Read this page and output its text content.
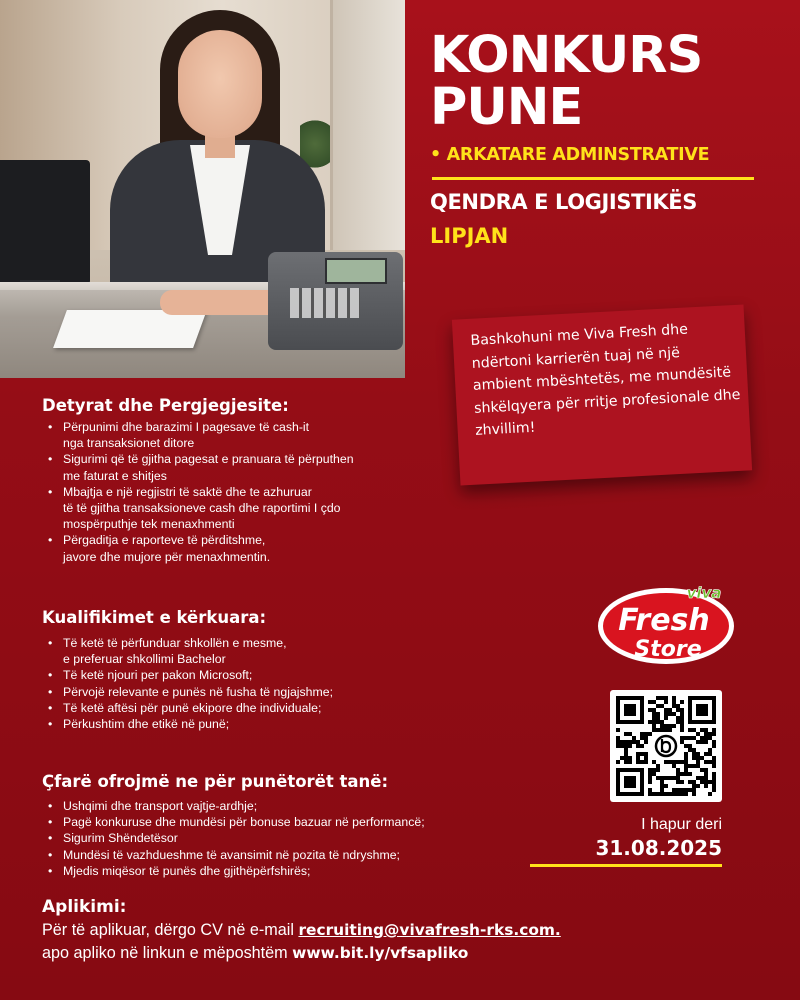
KONKURS
PUNE
• ARKATARE ADMINSTRATIVE
QENDRA E LOGJISTIKËS
LIPJAN
Bashkohuni me Viva Fresh dhe ndërtoni karrierën tuaj në një ambient mbështetës, me mundësitë shkëlqyera për rritje profesionale dhe zhvillim!
Detyrat dhe Pergjegjesite:
• Përpunimi dhe barazimi I pagesave të cash-it
nga transaksionet ditore
• Sigurimi që të gjitha pagesat e pranuara të përputhen
me faturat e shitjes
• Mbajtja e një regjistri të saktë dhe te azhuruar
të të gjitha transaksioneve cash dhe raportimi I çdo
mospërputhje tek menaxhmenti
• Përgaditja e raporteve të përditshme,
javore dhe mujore për menaxhmentin.
Kualifikimet e kërkuara:
• Të ketë të përfunduar shkollën e mesme,
e preferuar shkollimi Bachelor
• Të ketë njouri per pakon Microsoft;
• Përvojë relevante e punës në fusha të ngjajshme;
• Të ketë aftësi për punë ekipore dhe individuale;
• Përkushtim dhe etikë në punë;
Çfarë ofrojmë ne për punëtorët tanë:
• Ushqimi dhe transport vajtje-ardhje;
• Pagë konkuruse dhe mundësi për bonuse bazuar në performancë;
• Sigurim Shëndetësor
• Mundësi të vazhdueshme të avansimit në pozita të ndryshme;
• Mjedis miqësor të punës dhe gjithëpërfshirës;
viva
Fresh
Store
I hapur deri
31.08.2025
Aplikimi:
Për të aplikuar, dërgo CV në e-mail recruiting@vivafresh-rks.com.
apo apliko në linkun e mëposhtëm www.bit.ly/vfsapliko
